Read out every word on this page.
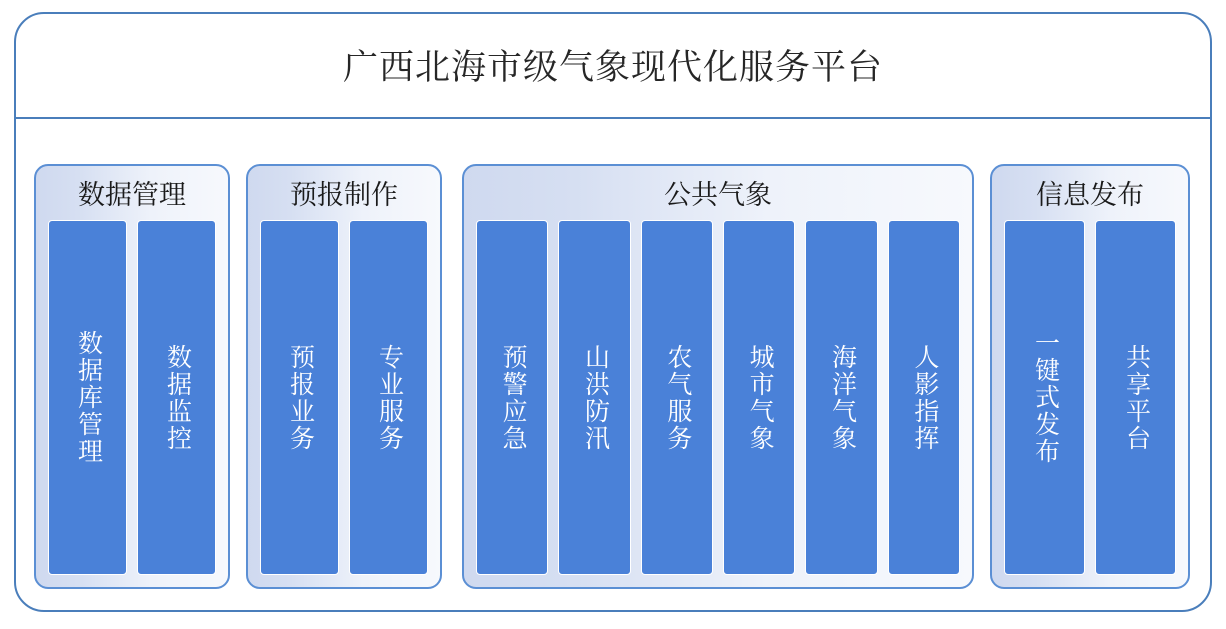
广西北海市级气象现代化服务平台
数据管理
数据库管理 数据监控
预报制作
预报业务 专业服务
公共气象
预警应急 山洪防汛 农气服务 城市气象 海洋气象 人影指挥
信息发布
一键式发布	共享平台
